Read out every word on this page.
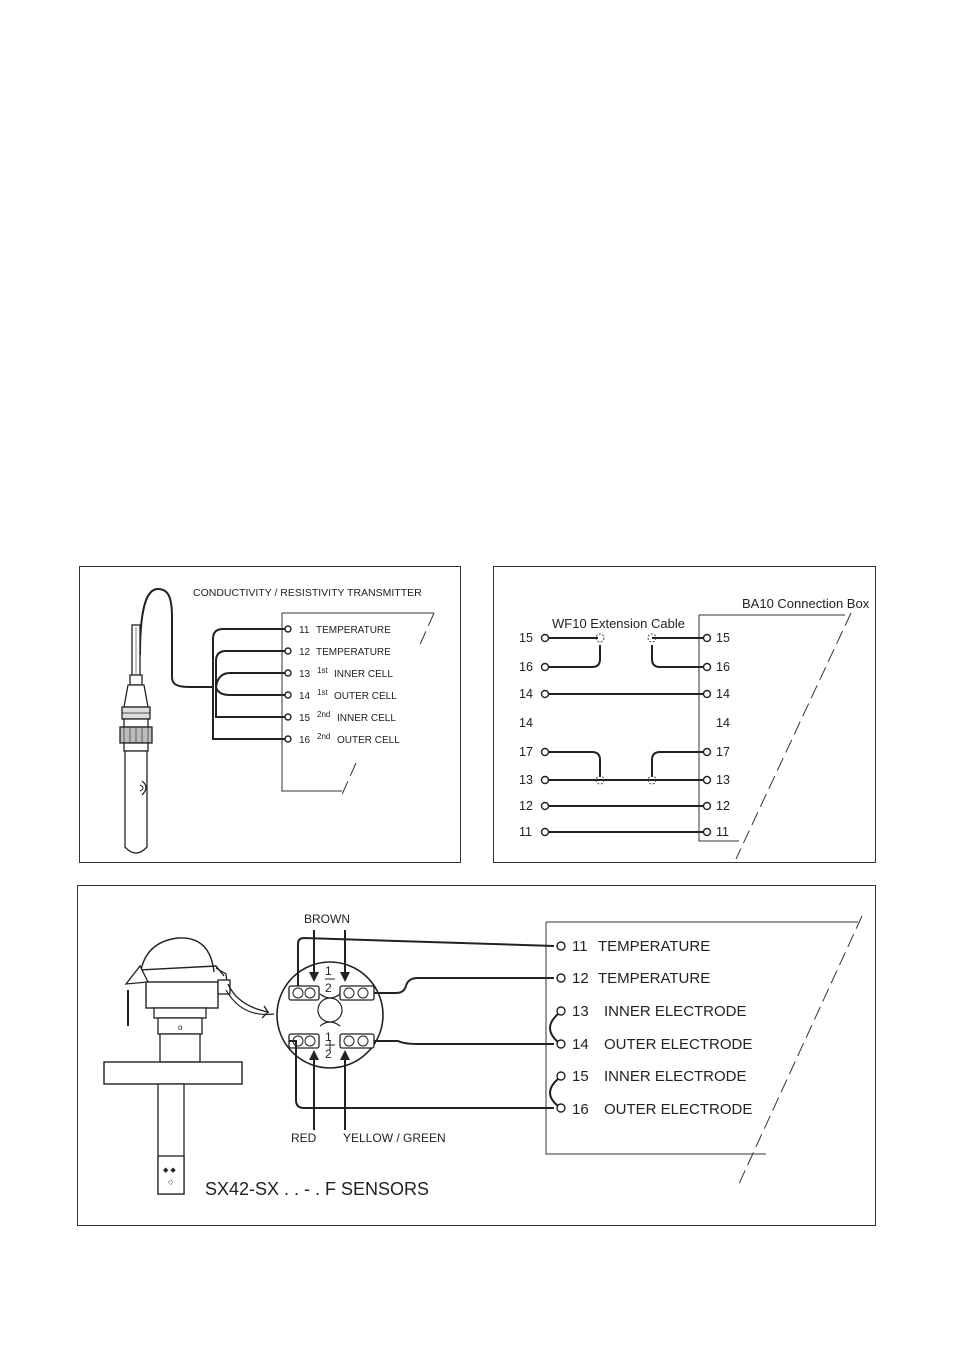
CONDUCTIVITY / RESISTIVITY TRANSMITTER
11 TEMPERATURE
12 TEMPERATURE
13 1st INNER CELL
14 1st OUTER CELL
15 2nd INNER CELL
16 2nd OUTER CELL
BA10 Connection Box
WF10 Extension Cable
15
16
14
14
17
13
12
11
15
16
14
14
17
13
12
11
o
◆ ◆
◇
1
2
1
2
BROWN
RED YELLOW / GREEN
11 TEMPERATURE
12 TEMPERATURE
13 INNER ELECTRODE
14 OUTER ELECTRODE
15 INNER ELECTRODE
16 OUTER ELECTRODE
SX42-SX . . - . F SENSORS
